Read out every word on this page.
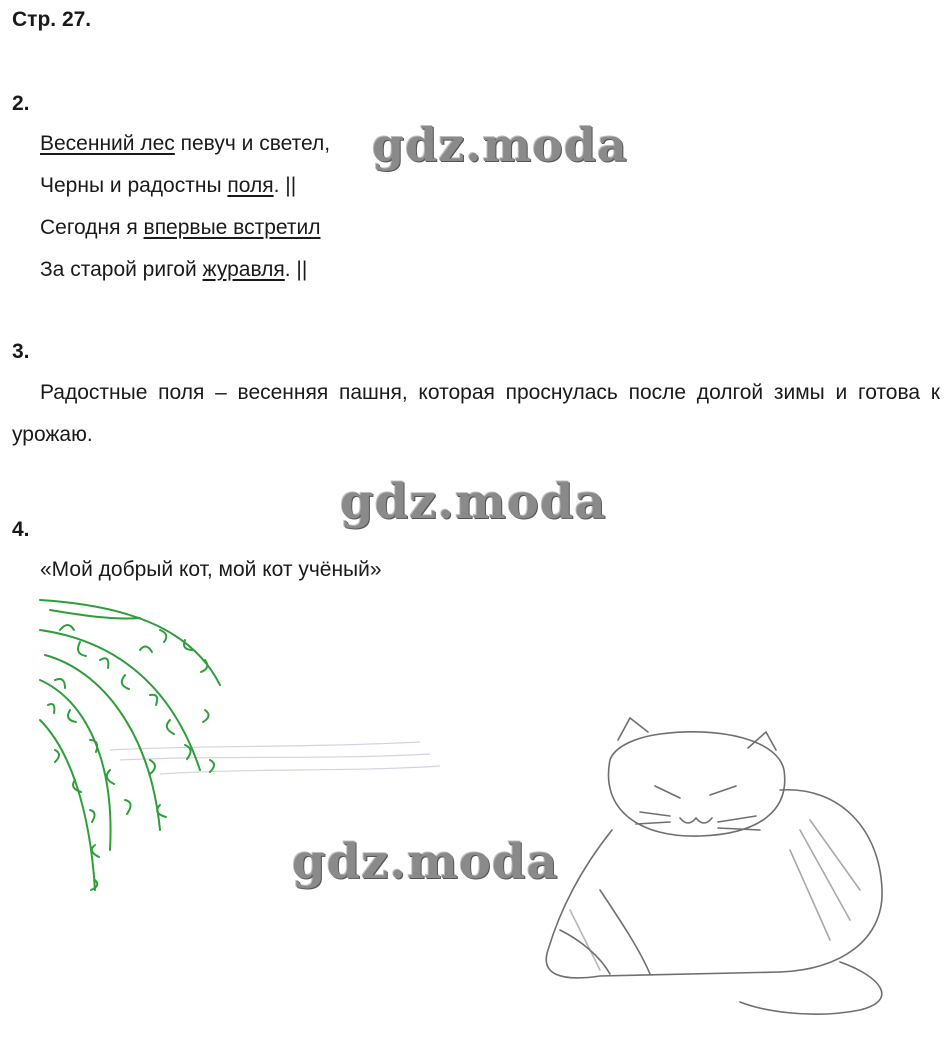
Стр. 27.
2.
Весенний лес певуч и светел,
Черны и радостны поля. ||
Сегодня я впервые встретил
За старой ригой журавля. ||
3.
Радостные поля – весенняя пашня, которая проснулась после долгой зимы и готова к урожаю.
4.
«Мой добрый кот, мой кот учёный»
gdz.moda
gdz.moda
gdz.moda
